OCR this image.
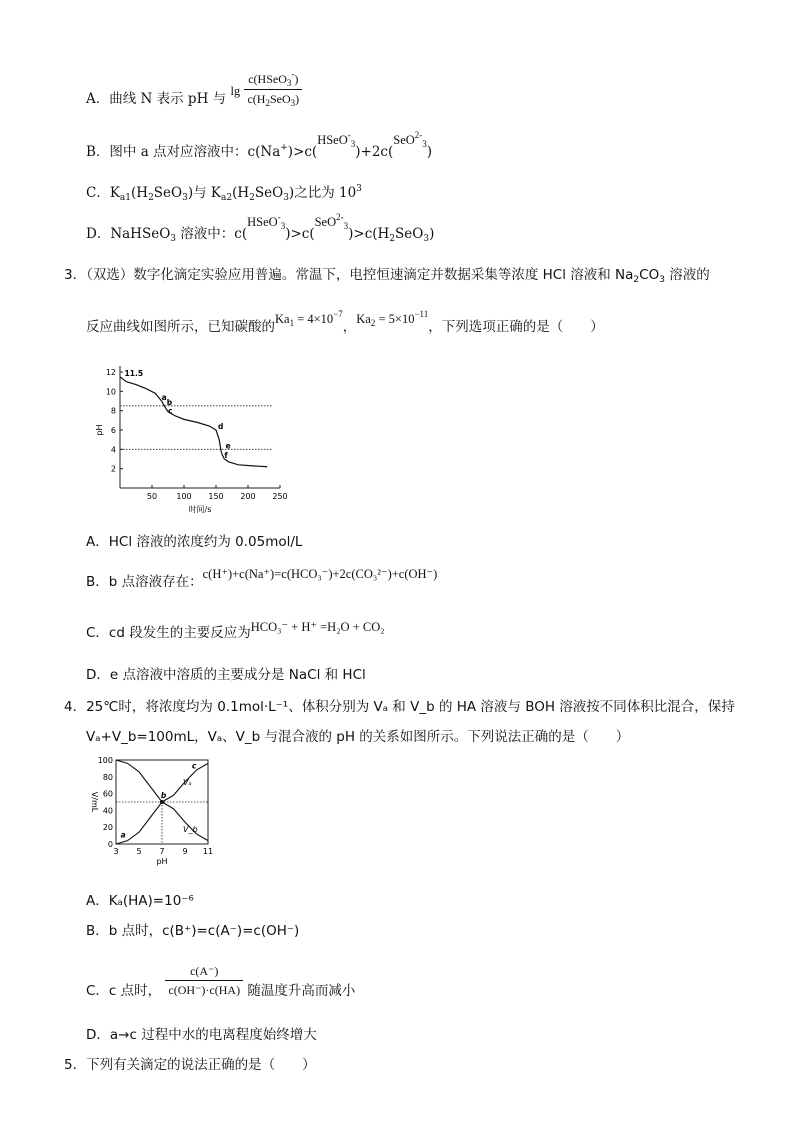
A．曲线 N 表示 pH 与 $\lg \frac{c(HSeO_3^-)}{c(H_2SeO_3)}$
B．图中 a 点对应溶液中：c(Na+)>c(HSeO-$_3$)+2c(SeO$^{2-}_3$)
C．$K_{a1}(H_2SeO_3)$与 $K_{a2}(H_2SeO_3)$之比为 $10^3$
D．NaHSeO$_3$ 溶液中：$c(HSeO^-_3)>c(SeO^{2-}_3)>c(H_2SeO_3)$
3．（双选）数字化滴定实验应用普遍。常温下，电控恒速滴定并数据采集等浓度 HCl 溶液和 $Na_2CO_3$ 溶液的
反应曲线如图所示，已知碳酸的$Ka_1 = 4\times 10^{-7}$，$Ka_2 = 5\times 10^{-11}$，下列选项正确的是（　　）
2
4
6
8
10
12
50 100 150 200 250
pH
时间/s
11.5
a
b
c
d
e
f
A．HCl 溶液的浓度约为 0.05mol/L
B．b 点溶液存在：c(H⁺)+c(Na⁺)=c(HCO₃⁻)+2c(CO₃²⁻)+c(OH⁻)
C．cd 段发生的主要反应为HCO₃⁻ + H⁺ =H₂O + CO₂
D．e 点溶液中溶质的主要成分是 NaCl 和 HCl
4．25℃时，将浓度均为 0.1mol·L⁻¹、体积分别为 Vₐ 和 V_b 的 HA 溶液与 BOH 溶液按不同体积比混合，保持
Vₐ+V_b=100mL，Vₐ、V_b 与混合液的 pH 的关系如图所示。下列说法正确的是（　　）
0
20
40
60
80
100
3 5 7 9 11
V/mL
pH
Vₐ
V_b
a
b
c
A．Kₐ(HA)=10⁻⁶
B．b 点时，c(B⁺)=c(A⁻)=c(OH⁻)
C．c 点时， $\frac{c(A^-)}{c(OH^-)\cdot c(HA)}$ 随温度升高而减小
D．a→c 过程中水的电离程度始终增大
5．下列有关滴定的说法正确的是（　　）
